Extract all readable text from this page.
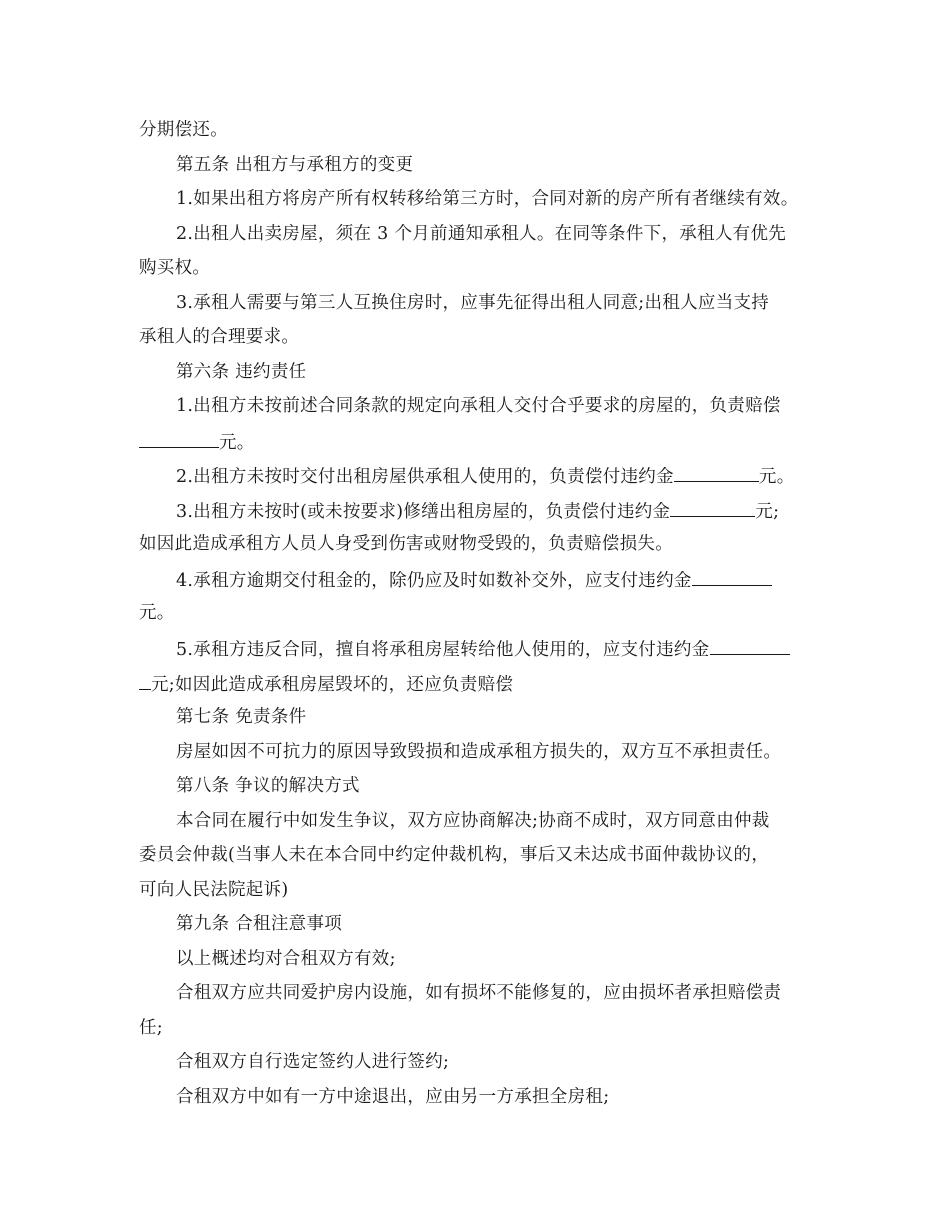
分期偿还。
第五条 出租方与承租方的变更
1.如果出租方将房产所有权转移给第三方时，合同对新的房产所有者继续有效。
2.出租人出卖房屋，须在 3 个月前通知承租人。在同等条件下，承租人有优先
购买权。
3.承租人需要与第三人互换住房时，应事先征得出租人同意;出租人应当支持
承租人的合理要求。
第六条 违约责任
1.出租方未按前述合同条款的规定向承租人交付合乎要求的房屋的，负责赔偿
元。
2.出租方未按时交付出租房屋供承租人使用的，负责偿付违约金	元。
3.出租方未按时(或未按要求)修缮出租房屋的，负责偿付违约金	元;
如因此造成承租方人员人身受到伤害或财物受毁的，负责赔偿损失。
4.承租方逾期交付租金的，除仍应及时如数补交外，应支付违约金
元。
5.承租方违反合同，擅自将承租房屋转给他人使用的，应支付违约金
元;如因此造成承租房屋毁坏的，还应负责赔偿
第七条 免责条件
房屋如因不可抗力的原因导致毁损和造成承租方损失的，双方互不承担责任。
第八条 争议的解决方式
本合同在履行中如发生争议，双方应协商解决;协商不成时，双方同意由仲裁
委员会仲裁(当事人未在本合同中约定仲裁机构，事后又未达成书面仲裁协议的，
可向人民法院起诉)
第九条 合租注意事项
以上概述均对合租双方有效;
合租双方应共同爱护房内设施，如有损坏不能修复的，应由损坏者承担赔偿责
任;
合租双方自行选定签约人进行签约;
合租双方中如有一方中途退出，应由另一方承担全房租;
